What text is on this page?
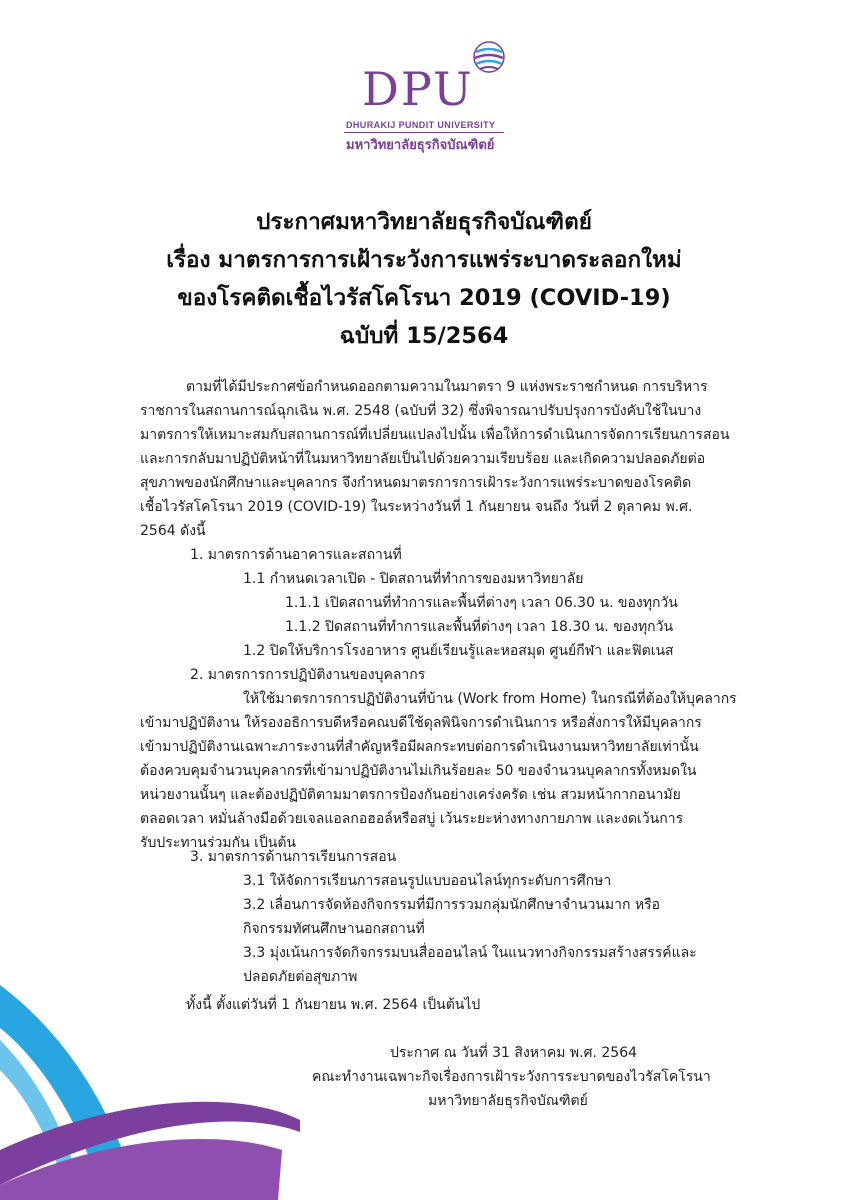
DPU
DHURAKIJ PUNDIT UNIVERSITY
มหาวิทยาลัยธุรกิจบัณฑิตย์
ประกาศมหาวิทยาลัยธุรกิจบัณฑิตย์
เรื่อง มาตรการการเฝ้าระวังการแพร่ระบาดระลอกใหม่
ของโรคติดเชื้อไวรัสโคโรนา 2019 (COVID-19)
ฉบับที่ 15/2564
ตามที่ได้มีประกาศข้อกำหนดออกตามความในมาตรา 9 แห่งพระราชกำหนด การบริหาร
ราชการในสถานการณ์ฉุกเฉิน พ.ศ. 2548 (ฉบับที่ 32) ซึ่งพิจารณาปรับปรุงการบังคับใช้ในบาง
มาตรการให้เหมาะสมกับสถานการณ์ที่เปลี่ยนแปลงไปนั้น เพื่อให้การดำเนินการจัดการเรียนการสอน
และการกลับมาปฏิบัติหน้าที่ในมหาวิทยาลัยเป็นไปด้วยความเรียบร้อย และเกิดความปลอดภัยต่อ
สุขภาพของนักศึกษาและบุคลากร จึงกำหนดมาตรการการเฝ้าระวังการแพร่ระบาดของโรคติด
เชื้อไวรัสโคโรนา 2019 (COVID-19) ในระหว่างวันที่ 1 กันยายน จนถึง วันที่ 2 ตุลาคม พ.ศ.
2564 ดังนี้
1. มาตรการด้านอาคารและสถานที่
1.1 กำหนดเวลาเปิด - ปิดสถานที่ทำการของมหาวิทยาลัย
1.1.1 เปิดสถานที่ทำการและพื้นที่ต่างๆ เวลา 06.30 น. ของทุกวัน
1.1.2 ปิดสถานที่ทำการและพื้นที่ต่างๆ เวลา 18.30 น. ของทุกวัน
1.2 ปิดให้บริการโรงอาหาร ศูนย์เรียนรู้และหอสมุด ศูนย์กีฬา และฟิตเนส
2. มาตรการการปฏิบัติงานของบุคลากร
ให้ใช้มาตรการการปฏิบัติงานที่บ้าน (Work from Home) ในกรณีที่ต้องให้บุคลากร
เข้ามาปฏิบัติงาน ให้รองอธิการบดีหรือคณบดีใช้ดุลพินิจการดำเนินการ หรือสั่งการให้มีบุคลากร
เข้ามาปฏิบัติงานเฉพาะภาระงานที่สำคัญหรือมีผลกระทบต่อการดำเนินงานมหาวิทยาลัยเท่านั้น
ต้องควบคุมจำนวนบุคลากรที่เข้ามาปฏิบัติงานไม่เกินร้อยละ 50 ของจำนวนบุคลากรทั้งหมดใน
หน่วยงานนั้นๆ และต้องปฏิบัติตามมาตรการป้องกันอย่างเคร่งครัด เช่น สวมหน้ากากอนามัย
ตลอดเวลา หมั่นล้างมือด้วยเจลแอลกอฮอล์หรือสบู่ เว้นระยะห่างทางกายภาพ และงดเว้นการ
รับประทานร่วมกัน เป็นต้น
3. มาตรการด้านการเรียนการสอน
3.1 ให้จัดการเรียนการสอนรูปแบบออนไลน์ทุกระดับการศึกษา
3.2 เลื่อนการจัดห้องกิจกรรมที่มีการรวมกลุ่มนักศึกษาจำนวนมาก หรือ
กิจกรรมทัศนศึกษานอกสถานที่
3.3 มุ่งเน้นการจัดกิจกรรมบนสื่อออนไลน์ ในแนวทางกิจกรรมสร้างสรรค์และ
ปลอดภัยต่อสุขภาพ
ทั้งนี้ ตั้งแต่วันที่ 1 กันยายน พ.ศ. 2564 เป็นต้นไป
ประกาศ ณ วันที่ 31 สิงหาคม พ.ศ. 2564
คณะทำงานเฉพาะกิจเรื่องการเฝ้าระวังการระบาดของไวรัสโคโรนา
มหาวิทยาลัยธุรกิจบัณฑิตย์
